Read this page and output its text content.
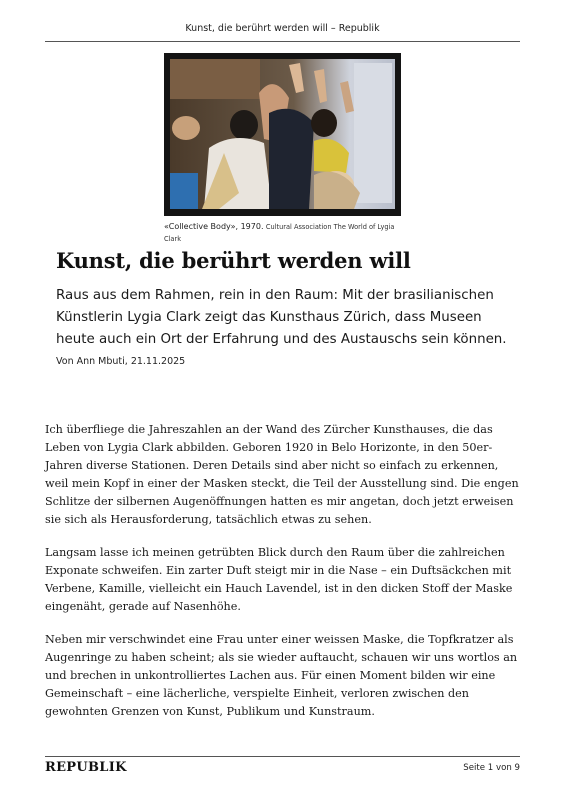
Kunst, die berührt werden will – Republik
«Collective Body», 1970. Cultural Association The World of Lygia Clark
Kunst, die berührt werden will

Raus aus dem Rahmen, rein in den Raum: Mit der brasilianischen Künstlerin Lygia Clark zeigt das Kunsthaus Zürich, dass Museen heute auch ein Ort der Erfahrung und des Austauschs sein können.

Von Ann Mbuti, 21.11.2025

Ich überfliege die Jahreszahlen an der Wand des Zürcher Kunsthauses, die das Leben von Lygia Clark abbilden. Geboren 1920 in Belo Horizonte, in den 50er-Jahren diverse Stationen. Deren Details sind aber nicht so einfach zu erkennen, weil mein Kopf in einer der Masken steckt, die Teil der Ausstellung sind. Die engen Schlitze der silbernen Augenöffnungen hatten es mir angetan, doch jetzt erweisen sie sich als Herausforderung, tatsächlich etwas zu sehen.

Langsam lasse ich meinen getrübten Blick durch den Raum über die zahlreichen Exponate schweifen. Ein zarter Duft steigt mir in die Nase – ein Duftsäckchen mit Verbene, Kamille, vielleicht ein Hauch Lavendel, ist in den dicken Stoff der Maske eingenäht, gerade auf Nasenhöhe.

Neben mir verschwindet eine Frau unter einer weissen Maske, die Topfkratzer als Augenringe zu haben scheint; als sie wieder auftaucht, schauen wir uns wortlos an und brechen in unkontrolliertes Lachen aus. Für einen Moment bilden wir eine Gemeinschaft – eine lächerliche, verspielte Einheit, verloren zwischen den gewohnten Grenzen von Kunst, Publikum und Kunstraum.

REPUBLIK	Seite 1 von 9
